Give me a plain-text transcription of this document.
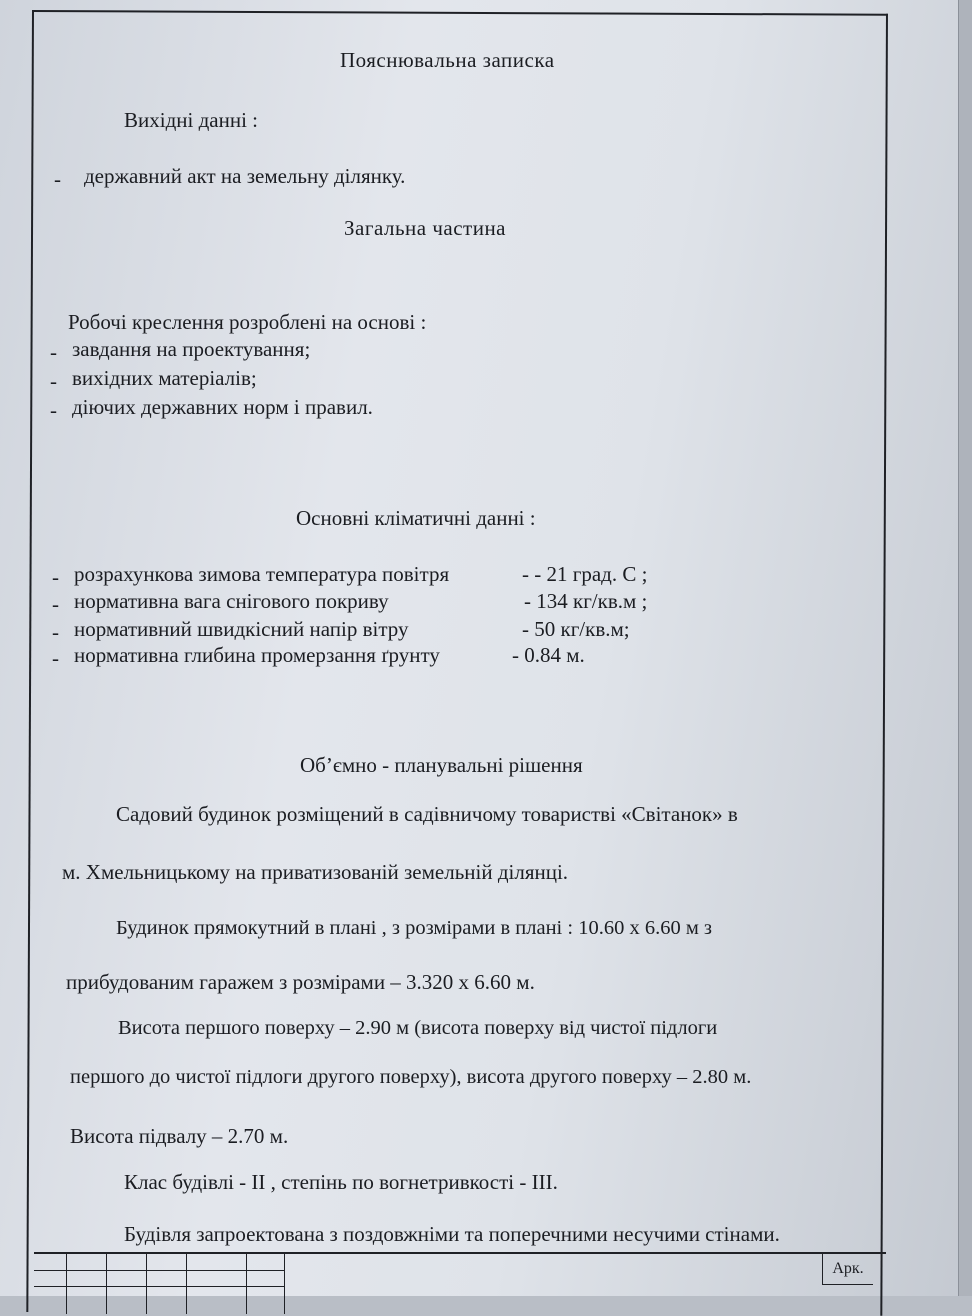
Пояснювальна записка
Вихідні данні :
- державний акт на земельну ділянку.
Загальна частина
Робочі креслення розроблені на основі :
- завдання на проектування;
- вихідних матеріалів;
- діючих державних норм і правил.
Основні кліматичні данні :
- розрахункова зимова температура повітря	- - 21 град. С ;
- нормативна вага снігового покриву	- 134 кг/кв.м ;
- нормативний швидкісний напір вітру	- 50 кг/кв.м;
- нормативна глибина промерзання ґрунту	- 0.84 м.
Об’ємно - планувальні рішення
Садовий будинок розміщений в садівничому товаристві «Світанок» в
м. Хмельницькому на приватизованій земельній ділянці.
Будинок прямокутний в плані , з розмірами в плані : 10.60 х 6.60 м з
прибудованим гаражем з розмірами – 3.320 х 6.60 м.
Висота першого поверху – 2.90 м (висота поверху від чистої підлоги
першого до чистої підлоги другого поверху), висота другого поверху – 2.80 м.
Висота підвалу – 2.70 м.
Клас будівлі - II , степінь по вогнетривкості - III.
Будівля запроектована з поздовжніми та поперечними несучими стінами.
Арк.
